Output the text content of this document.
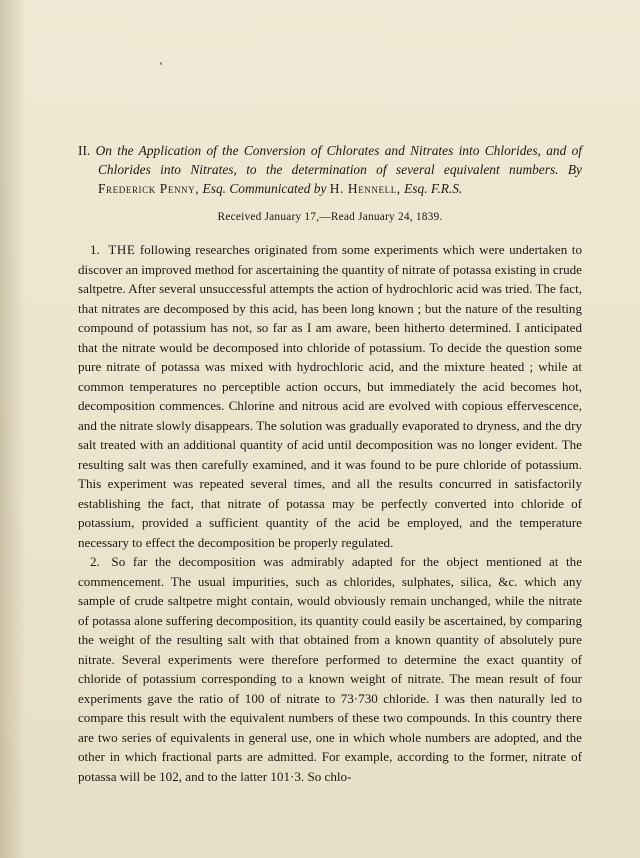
II. On the Application of the Conversion of Chlorates and Nitrates into Chlorides, and of Chlorides into Nitrates, to the determination of several equivalent numbers. By Frederick Penny, Esq. Communicated by H. Hennell, Esq. F.R.S.

Received January 17,—Read January 24, 1839.

1. THE following researches originated from some experiments which were undertaken to discover an improved method for ascertaining the quantity of nitrate of potassa existing in crude saltpetre. After several unsuccessful attempts the action of hydrochloric acid was tried. The fact, that nitrates are decomposed by this acid, has been long known ; but the nature of the resulting compound of potassium has not, so far as I am aware, been hitherto determined. I anticipated that the nitrate would be decomposed into chloride of potassium. To decide the question some pure nitrate of potassa was mixed with hydrochloric acid, and the mixture heated ; while at common temperatures no perceptible action occurs, but immediately the acid becomes hot, decomposition commences. Chlorine and nitrous acid are evolved with copious effervescence, and the nitrate slowly disappears. The solution was gradually evaporated to dryness, and the dry salt treated with an additional quantity of acid until decomposition was no longer evident. The resulting salt was then carefully examined, and it was found to be pure chloride of potassium. This experiment was repeated several times, and all the results concurred in satisfactorily establishing the fact, that nitrate of potassa may be perfectly converted into chloride of potassium, provided a sufficient quantity of the acid be employed, and the temperature necessary to effect the decomposition be properly regulated.

2. So far the decomposition was admirably adapted for the object mentioned at the commencement. The usual impurities, such as chlorides, sulphates, silica, &c. which any sample of crude saltpetre might contain, would obviously remain unchanged, while the nitrate of potassa alone suffering decomposition, its quantity could easily be ascertained, by comparing the weight of the resulting salt with that obtained from a known quantity of absolutely pure nitrate. Several experiments were therefore performed to determine the exact quantity of chloride of potassium corresponding to a known weight of nitrate. The mean result of four experiments gave the ratio of 100 of nitrate to 73·730 chloride. I was then naturally led to compare this result with the equivalent numbers of these two compounds. In this country there are two series of equivalents in general use, one in which whole numbers are adopted, and the other in which fractional parts are admitted. For example, according to the former, nitrate of potassa will be 102, and to the latter 101·3. So chlo-
